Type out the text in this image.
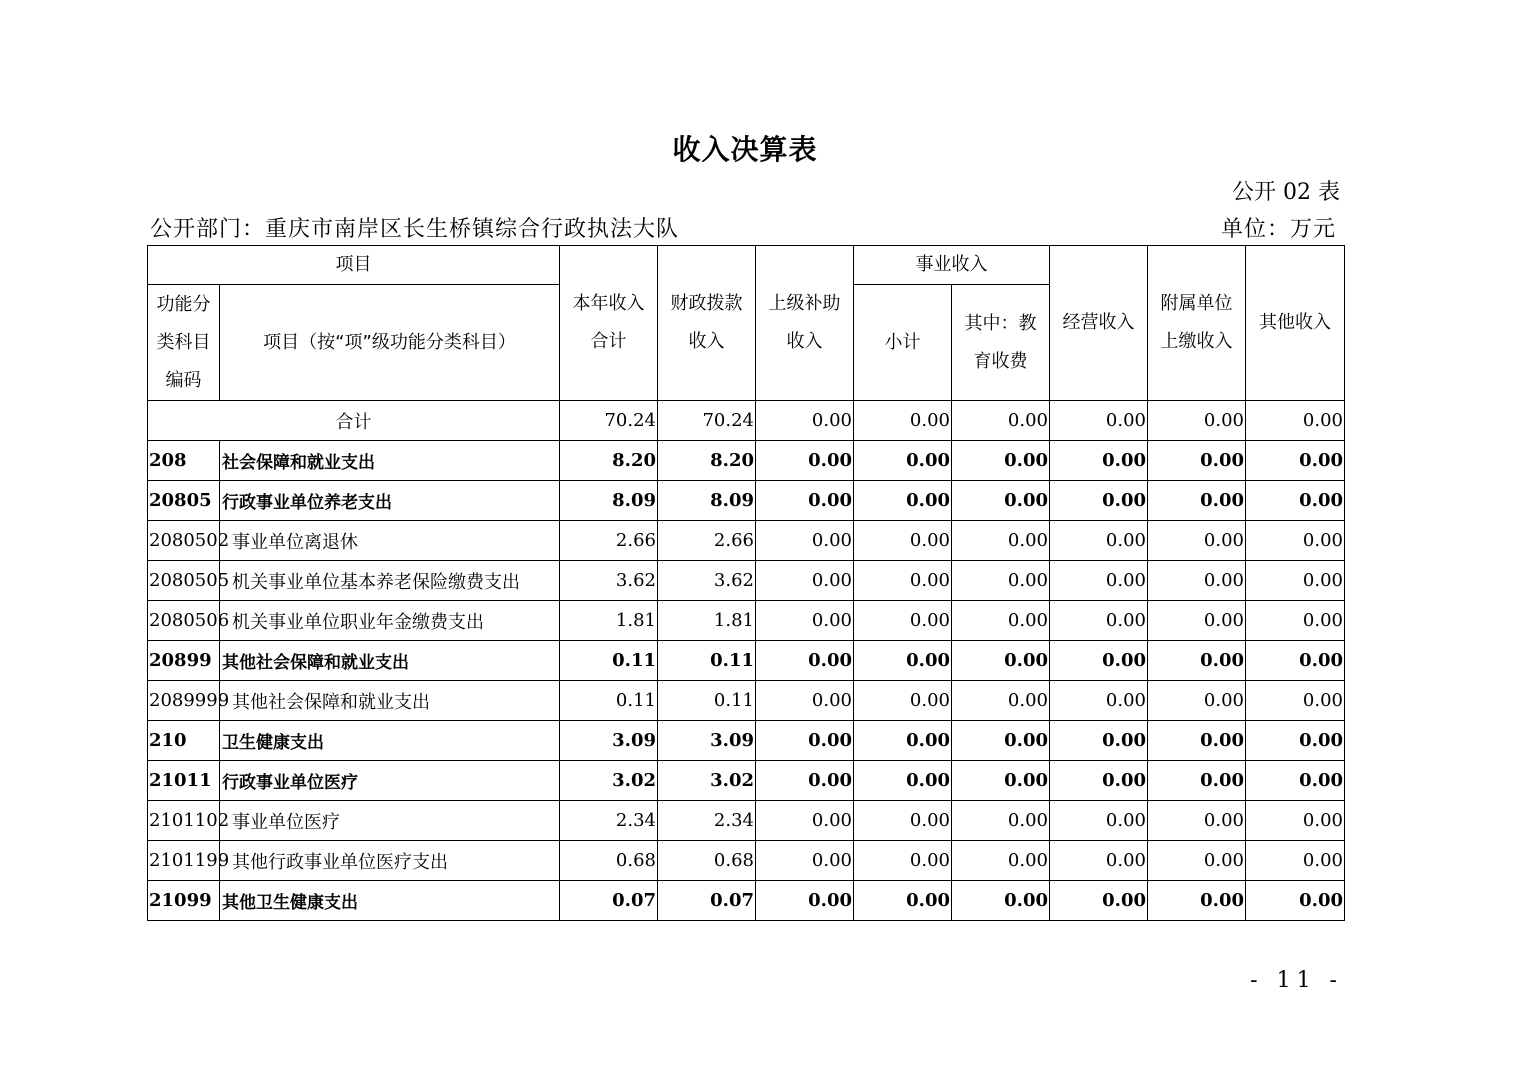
收入决算表
公开 02 表
公开部门：重庆市南岸区长生桥镇综合行政执法大队	单位：万元
项目		本年收入合计	财政拨款收入	上级补助收入	事业收入		经营收入	附属单位上缴收入	其他收入
功能分类科目编码	项目（按“项”级功能分类科目）				小计	其中：教育收费			
合计		70.24	70.24	0.00	0.00	0.00	0.00	0.00	0.00
208	社会保障和就业支出	8.20	8.20	0.00	0.00	0.00	0.00	0.00	0.00
20805	行政事业单位养老支出	8.09	8.09	0.00	0.00	0.00	0.00	0.00	0.00
2080502	事业单位离退休	2.66	2.66	0.00	0.00	0.00	0.00	0.00	0.00
2080505	机关事业单位基本养老保险缴费支出	3.62	3.62	0.00	0.00	0.00	0.00	0.00	0.00
2080506	机关事业单位职业年金缴费支出	1.81	1.81	0.00	0.00	0.00	0.00	0.00	0.00
20899	其他社会保障和就业支出	0.11	0.11	0.00	0.00	0.00	0.00	0.00	0.00
2089999	其他社会保障和就业支出	0.11	0.11	0.00	0.00	0.00	0.00	0.00	0.00
210	卫生健康支出	3.09	3.09	0.00	0.00	0.00	0.00	0.00	0.00
21011	行政事业单位医疗	3.02	3.02	0.00	0.00	0.00	0.00	0.00	0.00
2101102	事业单位医疗	2.34	2.34	0.00	0.00	0.00	0.00	0.00	0.00
2101199	其他行政事业单位医疗支出	0.68	0.68	0.00	0.00	0.00	0.00	0.00	0.00
21099	其他卫生健康支出	0.07	0.07	0.00	0.00	0.00	0.00	0.00	0.00
- 11 -
